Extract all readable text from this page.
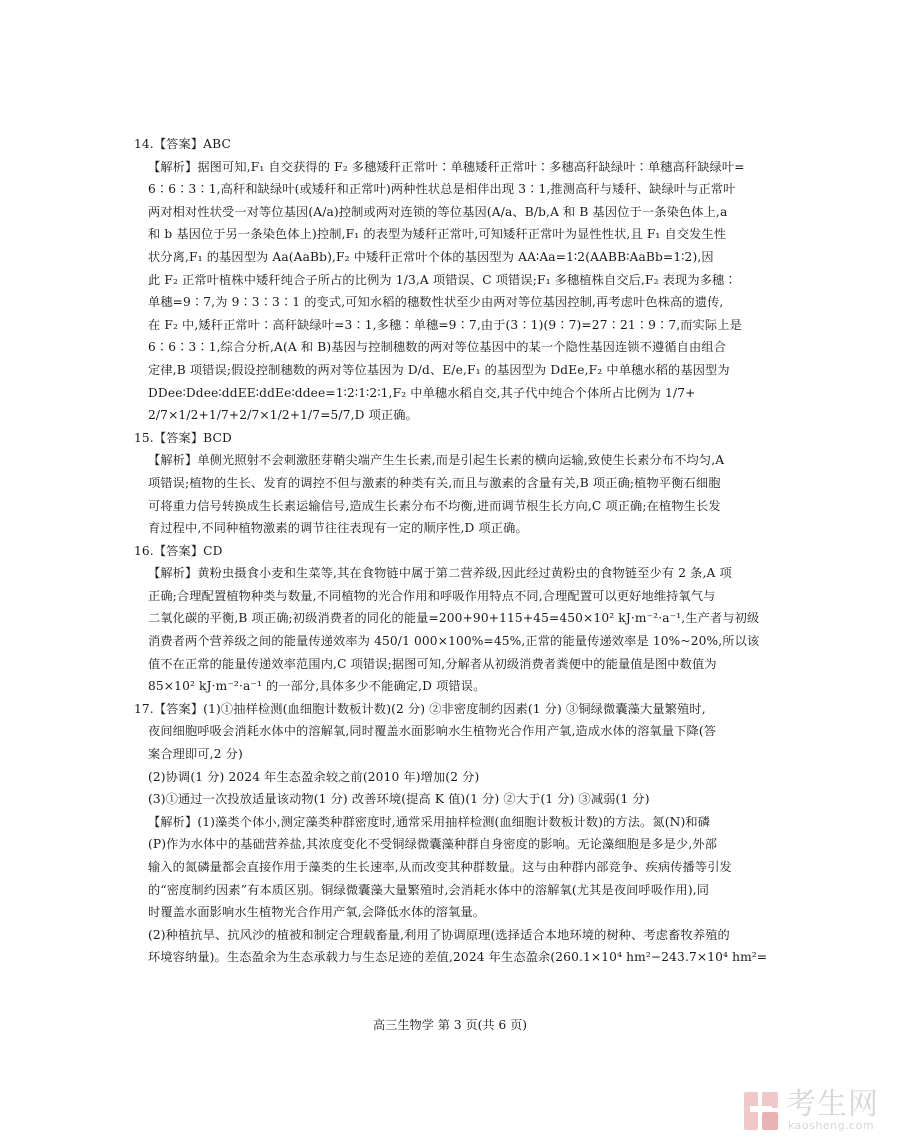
14.【答案】ABC

【解析】据图可知,F₁ 自交获得的 F₂ 多穗矮秆正常叶∶单穗矮秆正常叶∶多穗高秆缺绿叶∶单穗高秆缺绿叶=

6∶6∶3∶1,高秆和缺绿叶(或矮秆和正常叶)两种性状总是相伴出现 3∶1,推测高秆与矮秆、缺绿叶与正常叶

两对相对性状受一对等位基因(A/a)控制或两对连锁的等位基因(A/a、B/b,A 和 B 基因位于一条染色体上,a

和 b 基因位于另一条染色体上)控制,F₁ 的表型为矮秆正常叶,可知矮秆正常叶为显性性状,且 F₁ 自交发生性

状分离,F₁ 的基因型为 Aa(AaBb),F₂ 中矮秆正常叶个体的基因型为 AA∶Aa=1∶2(AABB∶AaBb=1∶2),因

此 F₂ 正常叶植株中矮秆纯合子所占的比例为 1/3,A 项错误、C 项错误;F₁ 多穗植株自交后,F₂ 表现为多穗∶

单穗=9∶7,为 9∶3∶3∶1 的变式,可知水稻的穗数性状至少由两对等位基因控制,再考虑叶色株高的遗传,

在 F₂ 中,矮秆正常叶∶高秆缺绿叶=3∶1,多穗∶单穗=9∶7,由于(3∶1)(9∶7)=27∶21∶9∶7,而实际上是

6∶6∶3∶1,综合分析,A(A 和 B)基因与控制穗数的两对等位基因中的某一个隐性基因连锁不遵循自由组合

定律,B 项错误;假设控制穗数的两对等位基因为 D/d、E/e,F₁ 的基因型为 DdEe,F₂ 中单穗水稻的基因型为

DDee∶Ddee∶ddEE∶ddEe∶ddee=1∶2∶1∶2∶1,F₂ 中单穗水稻自交,其子代中纯合个体所占比例为 1/7+

2/7×1/2+1/7+2/7×1/2+1/7=5/7,D 项正确。

15.【答案】BCD

【解析】单侧光照射不会刺激胚芽鞘尖端产生生长素,而是引起生长素的横向运输,致使生长素分布不均匀,A

项错误;植物的生长、发育的调控不但与激素的种类有关,而且与激素的含量有关,B 项正确;植物平衡石细胞

可将重力信号转换成生长素运输信号,造成生长素分布不均衡,进而调节根生长方向,C 项正确;在植物生长发

育过程中,不同种植物激素的调节往往表现有一定的顺序性,D 项正确。

16.【答案】CD

【解析】黄粉虫摄食小麦和生菜等,其在食物链中属于第二营养级,因此经过黄粉虫的食物链至少有 2 条,A 项

正确;合理配置植物种类与数量,不同植物的光合作用和呼吸作用特点不同,合理配置可以更好地维持氧气与

二氧化碳的平衡,B 项正确;初级消费者的同化的能量=200+90+115+45=450×10² kJ·m⁻²·a⁻¹,生产者与初级

消费者两个营养级之间的能量传递效率为 450/1 000×100%=45%,正常的能量传递效率是 10%~20%,所以该

值不在正常的能量传递效率范围内,C 项错误;据图可知,分解者从初级消费者粪便中的能量值是图中数值为

85×10² kJ·m⁻²·a⁻¹ 的一部分,具体多少不能确定,D 项错误。

17.【答案】(1)①抽样检测(血细胞计数板计数)(2 分) ②非密度制约因素(1 分) ③铜绿微囊藻大量繁殖时,

夜间细胞呼吸会消耗水体中的溶解氧,同时覆盖水面影响水生植物光合作用产氧,造成水体的溶氧量下降(答

案合理即可,2 分)

(2)协调(1 分) 2024 年生态盈余较之前(2010 年)增加(2 分)

(3)①通过一次投放适量该动物(1 分) 改善环境(提高 K 值)(1 分) ②大于(1 分) ③减弱(1 分)

【解析】(1)藻类个体小,测定藻类种群密度时,通常采用抽样检测(血细胞计数板计数)的方法。氮(N)和磷

(P)作为水体中的基础营养盐,其浓度变化不受铜绿微囊藻种群自身密度的影响。无论藻细胞是多是少,外部

输入的氮磷量都会直接作用于藻类的生长速率,从而改变其种群数量。这与由种群内部竞争、疾病传播等引发

的“密度制约因素”有本质区别。铜绿微囊藻大量繁殖时,会消耗水体中的溶解氧(尤其是夜间呼吸作用),同

时覆盖水面影响水生植物光合作用产氧,会降低水体的溶氧量。

(2)种植抗旱、抗风沙的植被和制定合理载畜量,利用了协调原理(选择适合本地环境的树种、考虑畜牧养殖的

环境容纳量)。生态盈余为生态承载力与生态足迹的差值,2024 年生态盈余(260.1×10⁴ hm²−243.7×10⁴ hm²=

高三生物学 第 3 页(共 6 页)
考生网
kaosheng.com
